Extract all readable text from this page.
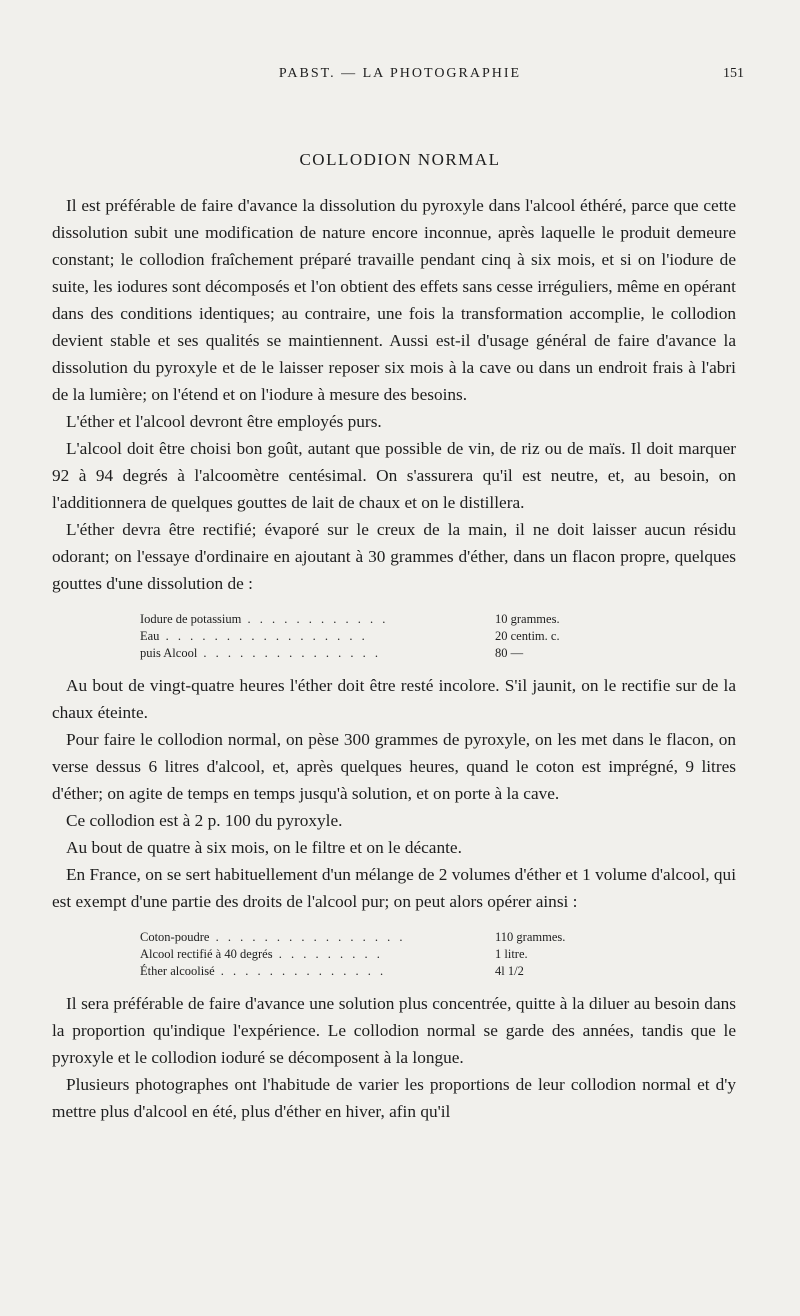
PABST. — LA PHOTOGRAPHIE	151
COLLODION NORMAL

Il est préférable de faire d'avance la dissolution du pyroxyle dans l'alcool éthéré, parce que cette dissolution subit une modification de nature encore inconnue, après laquelle le produit demeure constant; le collodion fraîchement préparé travaille pendant cinq à six mois, et si on l'iodure de suite, les iodures sont décomposés et l'on obtient des effets sans cesse irréguliers, même en opérant dans des conditions identiques; au contraire, une fois la transformation accomplie, le collodion devient stable et ses qualités se maintiennent. Aussi est-il d'usage général de faire d'avance la dissolution du pyroxyle et de le laisser reposer six mois à la cave ou dans un endroit frais à l'abri de la lumière; on l'étend et on l'iodure à mesure des besoins.

L'éther et l'alcool devront être employés purs.

L'alcool doit être choisi bon goût, autant que possible de vin, de riz ou de maïs. Il doit marquer 92 à 94 degrés à l'alcoomètre centésimal. On s'assurera qu'il est neutre, et, au besoin, on l'additionnera de quelques gouttes de lait de chaux et on le distillera.

L'éther devra être rectifié; évaporé sur le creux de la main, il ne doit laisser aucun résidu odorant; on l'essaye d'ordinaire en ajoutant à 30 grammes d'éther, dans un flacon propre, quelques gouttes d'une dissolution de :

Iodure de potassium . . . . . . . . . . . .	10 grammes.
Eau . . . . . . . . . . . . . . . . .	20 centim. c.
puis Alcool . . . . . . . . . . . . . . .	80 —

Au bout de vingt-quatre heures l'éther doit être resté incolore. S'il jaunit, on le rectifie sur de la chaux éteinte.

Pour faire le collodion normal, on pèse 300 grammes de pyroxyle, on les met dans le flacon, on verse dessus 6 litres d'alcool, et, après quelques heures, quand le coton est imprégné, 9 litres d'éther; on agite de temps en temps jusqu'à solution, et on porte à la cave.

Ce collodion est à 2 p. 100 du pyroxyle.

Au bout de quatre à six mois, on le filtre et on le décante.

En France, on se sert habituellement d'un mélange de 2 volumes d'éther et 1 volume d'alcool, qui est exempt d'une partie des droits de l'alcool pur; on peut alors opérer ainsi :

Coton-poudre . . . . . . . . . . . . . . . .	110 grammes.
Alcool rectifié à 40 degrés . . . . . . . . .	1 litre.
Éther alcoolisé . . . . . . . . . . . . . .	4l 1/2

Il sera préférable de faire d'avance une solution plus concentrée, quitte à la diluer au besoin dans la proportion qu'indique l'expérience. Le collodion normal se garde des années, tandis que le pyroxyle et le collodion ioduré se décomposent à la longue.

Plusieurs photographes ont l'habitude de varier les proportions de leur collodion normal et d'y mettre plus d'alcool en été, plus d'éther en hiver, afin qu'il
